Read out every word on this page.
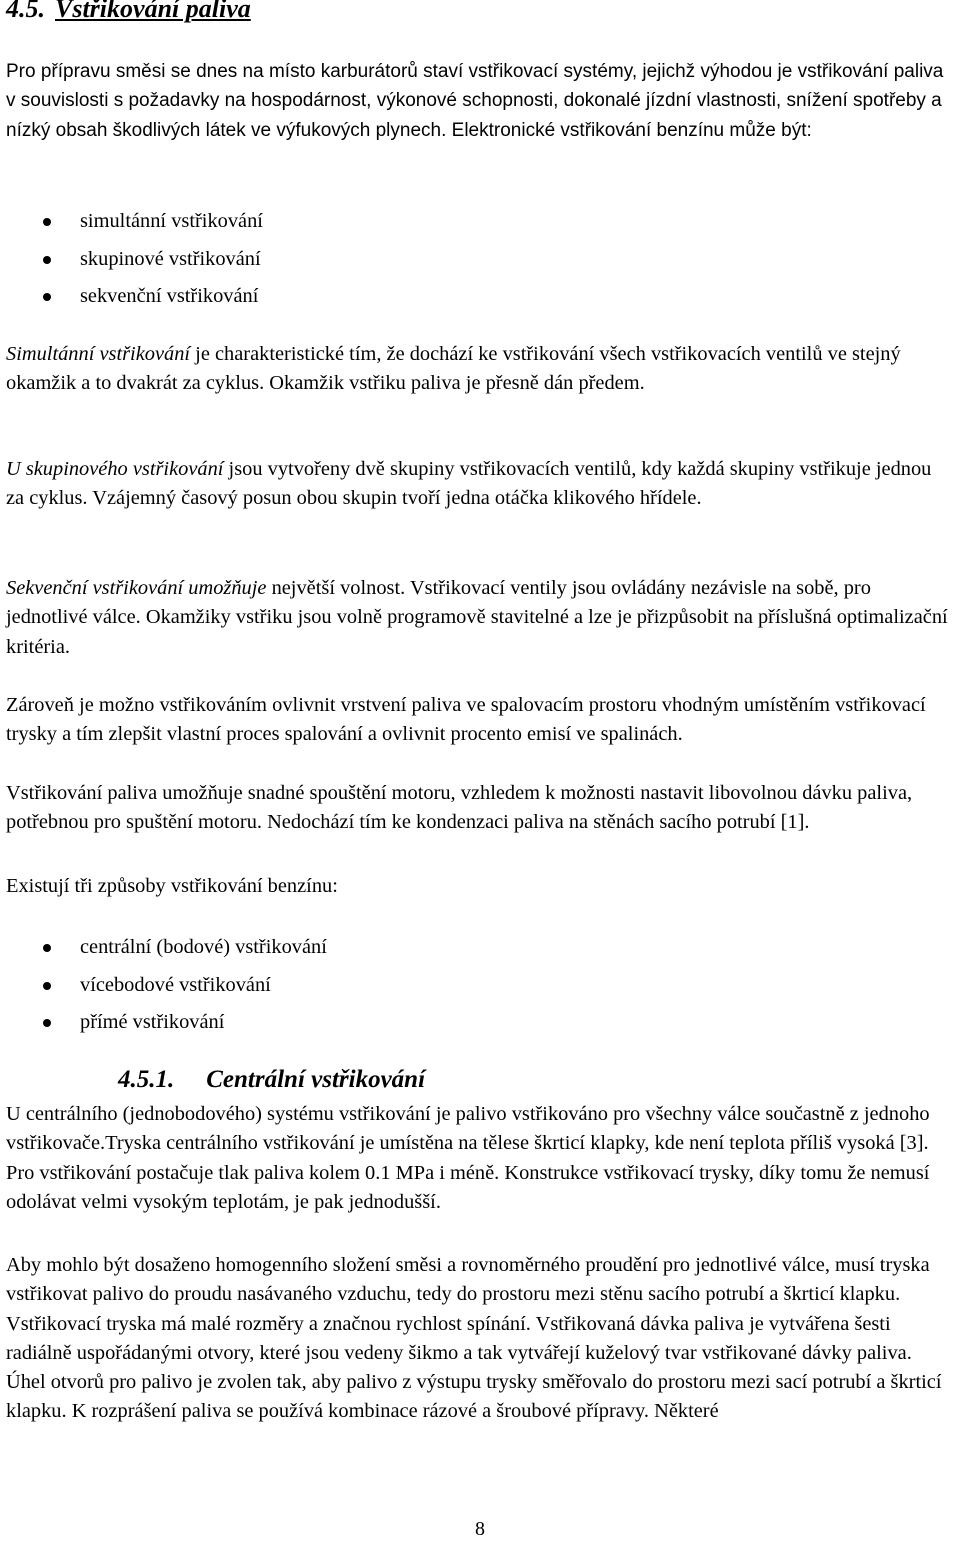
4.5. Vstřikování paliva

Pro přípravu směsi se dnes na místo karburátorů staví vstřikovací systémy, jejichž výhodou je vstřikování paliva v souvislosti s požadavky na hospodárnost, výkonové schopnosti, dokonalé jízdní vlastnosti, snížení spotřeby a nízký obsah škodlivých látek ve výfukových plynech. Elektronické vstřikování benzínu může být:

simultánní vstřikování
skupinové vstřikování
sekvenční vstřikování

Simultánní vstřikování je charakteristické tím, že dochází ke vstřikování všech vstřikovacích ventilů ve stejný okamžik a to dvakrát za cyklus. Okamžik vstřiku paliva je přesně dán předem.

U skupinového vstřikování jsou vytvořeny dvě skupiny vstřikovacích ventilů, kdy každá skupiny vstřikuje jednou za cyklus. Vzájemný časový posun obou skupin tvoří jedna otáčka klikového hřídele.

Sekvenční vstřikování umožňuje největší volnost. Vstřikovací ventily jsou ovládány nezávisle na sobě, pro jednotlivé válce. Okamžiky vstřiku jsou volně programově stavitelné a lze je přizpůsobit na příslušná optimalizační kritéria.

Zároveň je možno vstřikováním ovlivnit vrstvení paliva ve spalovacím prostoru vhodným umístěním vstřikovací trysky a tím zlepšit vlastní proces spalování a ovlivnit procento emisí ve spalinách.

Vstřikování paliva umožňuje snadné spouštění motoru, vzhledem k možnosti nastavit libovolnou dávku paliva, potřebnou pro spuštění motoru. Nedochází tím ke kondenzaci paliva na stěnách sacího potrubí [1].

Existují tři způsoby vstřikování benzínu:

centrální (bodové) vstřikování
vícebodové vstřikování
přímé vstřikování
4.5.1. Centrální vstřikování

U centrálního (jednobodového) systému vstřikování je palivo vstřikováno pro všechny válce součastně z jednoho vstřikovače.Tryska centrálního vstřikování je umístěna na tělese škrticí klapky, kde není teplota příliš vysoká [3]. Pro vstřikování postačuje tlak paliva kolem 0.1 MPa i méně. Konstrukce vstřikovací trysky, díky tomu že nemusí odolávat velmi vysokým teplotám, je pak jednodušší.

Aby mohlo být dosaženo homogenního složení směsi a rovnoměrného proudění pro jednotlivé válce, musí tryska vstřikovat palivo do proudu nasávaného vzduchu, tedy do prostoru mezi stěnu sacího potrubí a škrticí klapku. Vstřikovací tryska má malé rozměry a značnou rychlost spínání. Vstřikovaná dávka paliva je vytvářena šesti radiálně uspořádanými otvory, které jsou vedeny šikmo a tak vytvářejí kuželový tvar vstřikované dávky paliva. Úhel otvorů pro palivo je zvolen tak, aby palivo z výstupu trysky směřovalo do prostoru mezi sací potrubí a škrticí klapku. K rozprášení paliva se používá kombinace rázové a šroubové přípravy. Některé

8
